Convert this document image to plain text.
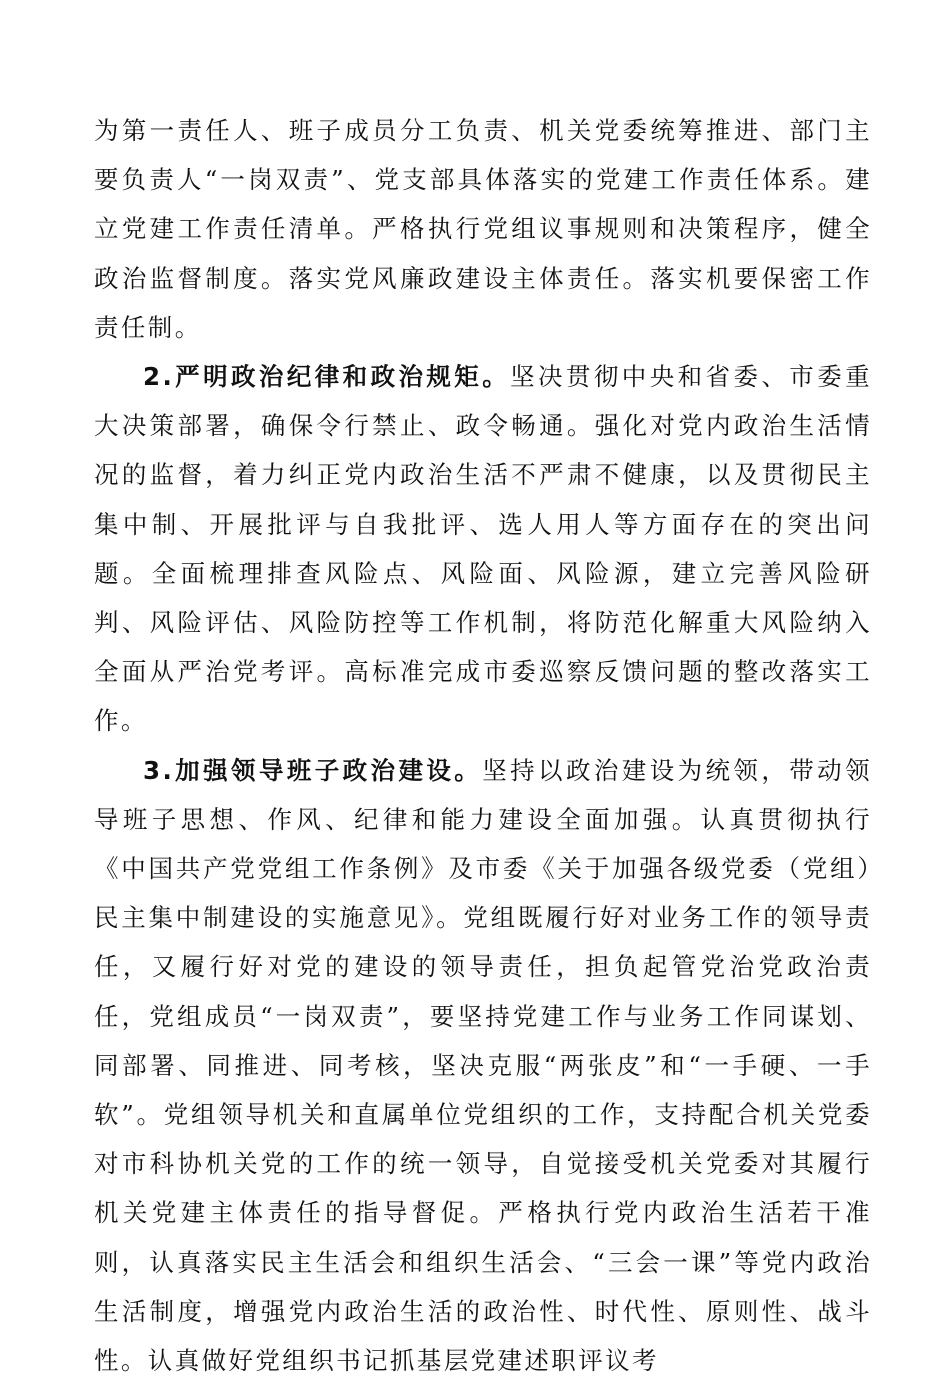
为第一责任人、班子成员分工负责、机关党委统筹推进、部门主要负责人“一岗双责”、党支部具体落实的党建工作责任体系。建立党建工作责任清单。严格执行党组议事规则和决策程序，健全政治监督制度。落实党风廉政建设主体责任。落实机要保密工作责任制。

2.严明政治纪律和政治规矩。坚决贯彻中央和省委、市委重大决策部署，确保令行禁止、政令畅通。强化对党内政治生活情况的监督，着力纠正党内政治生活不严肃不健康，以及贯彻民主集中制、开展批评与自我批评、选人用人等方面存在的突出问题。全面梳理排查风险点、风险面、风险源，建立完善风险研判、风险评估、风险防控等工作机制，将防范化解重大风险纳入全面从严治党考评。高标准完成市委巡察反馈问题的整改落实工作。

3.加强领导班子政治建设。坚持以政治建设为统领，带动领导班子思想、作风、纪律和能力建设全面加强。认真贯彻执行《中国共产党党组工作条例》及市委《关于加强各级党委（党组）民主集中制建设的实施意见》。党组既履行好对业务工作的领导责任，又履行好对党的建设的领导责任，担负起管党治党政治责任，党组成员“一岗双责”，要坚持党建工作与业务工作同谋划、同部署、同推进、同考核，坚决克服“两张皮”和“一手硬、一手软”。党组领导机关和直属单位党组织的工作，支持配合机关党委对市科协机关党的工作的统一领导，自觉接受机关党委对其履行机关党建主体责任的指导督促。严格执行党内政治生活若干准则，认真落实民主生活会和组织生活会、“三会一课”等党内政治生活制度，增强党内政治生活的政治性、时代性、原则性、战斗性。认真做好党组织书记抓基层党建述职评议考
